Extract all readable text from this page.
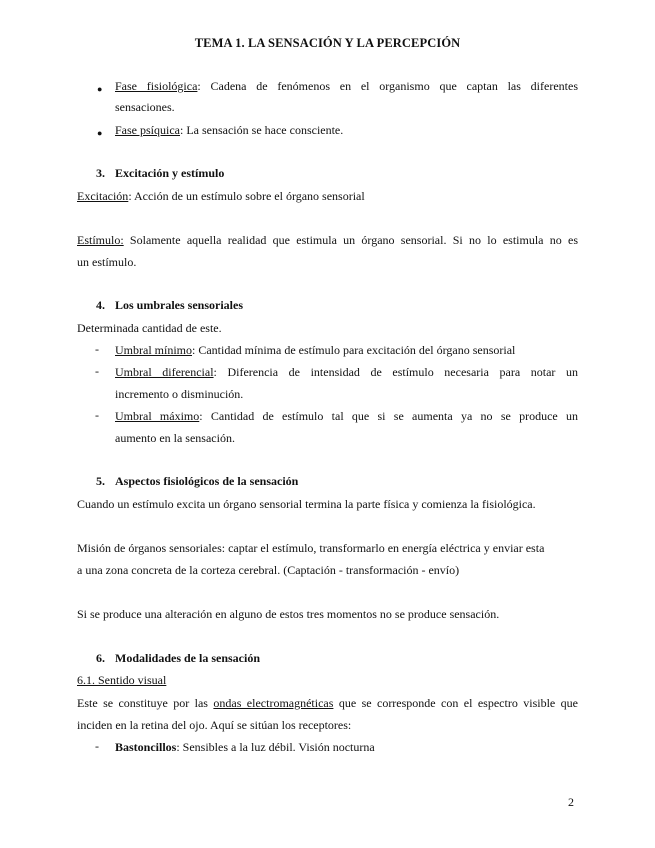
TEMA 1. LA SENSACIÓN Y LA PERCEPCIÓN
● Fase fisiológica: Cadena de fenómenos en el organismo que captan las diferentes
sensaciones.
● Fase psíquica: La sensación se hace consciente.
3. Excitación y estímulo
Excitación: Acción de un estímulo sobre el órgano sensorial
Estímulo: Solamente aquella realidad que estimula un órgano sensorial. Si no lo estimula no es
un estímulo.
4. Los umbrales sensoriales
Determinada cantidad de este.
- Umbral mínimo: Cantidad mínima de estímulo para excitación del órgano sensorial
- Umbral diferencial: Diferencia de intensidad de estímulo necesaria para notar un
incremento o disminución.
- Umbral máximo: Cantidad de estímulo tal que si se aumenta ya no se produce un
aumento en la sensación.
5. Aspectos fisiológicos de la sensación
Cuando un estímulo excita un órgano sensorial termina la parte física y comienza la fisiológica.
Misión de órganos sensoriales: captar el estímulo, transformarlo en energía eléctrica y enviar esta
a una zona concreta de la corteza cerebral. (Captación - transformación - envío)
Si se produce una alteración en alguno de estos tres momentos no se produce sensación.
6. Modalidades de la sensación
6.1. Sentido visual
Este se constituye por las ondas electromagnéticas que se corresponde con el espectro visible que
inciden en la retina del ojo. Aquí se sitúan los receptores:
- Bastoncillos: Sensibles a la luz débil. Visión nocturna
2
